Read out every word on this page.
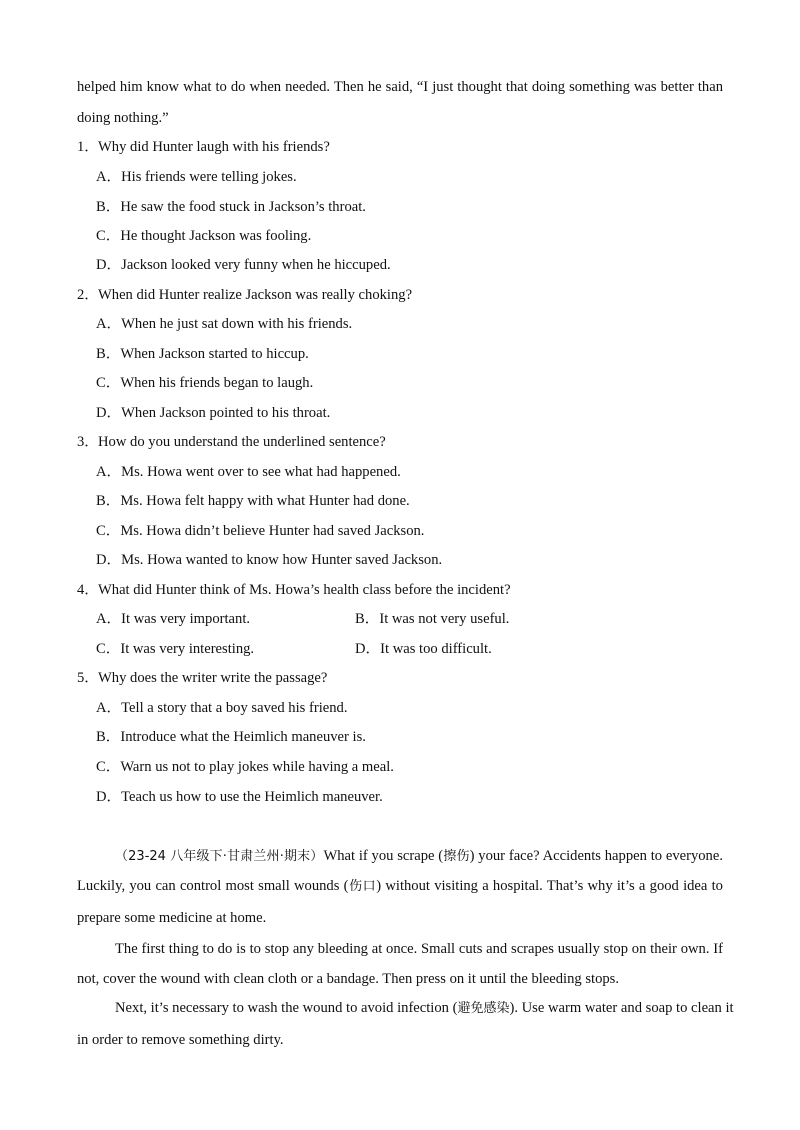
helped him know what to do when needed. Then he said, “I just thought that doing something was better than
doing nothing.”
1．Why did Hunter laugh with his friends?
A．His friends were telling jokes.
B．He saw the food stuck in Jackson’s throat.
C．He thought Jackson was fooling.
D．Jackson looked very funny when he hiccuped.
2．When did Hunter realize Jackson was really choking?
A．When he just sat down with his friends.
B．When Jackson started to hiccup.
C．When his friends began to laugh.
D．When Jackson pointed to his throat.
3．How do you understand the underlined sentence?
A．Ms. Howa went over to see what had happened.
B．Ms. Howa felt happy with what Hunter had done.
C．Ms. Howa didn’t believe Hunter had saved Jackson.
D．Ms. Howa wanted to know how Hunter saved Jackson.
4．What did Hunter think of Ms. Howa’s health class before the incident?
A．It was very important.	B．It was not very useful.
C．It was very interesting.	D．It was too difficult.
5．Why does the writer write the passage?
A．Tell a story that a boy saved his friend.
B．Introduce what the Heimlich maneuver is.
C．Warn us not to play jokes while having a meal.
D．Teach us how to use the Heimlich maneuver.
（23-24 八年级下·甘肃兰州·期末）What if you scrape (擦伤) your face? Accidents happen to everyone.
Luckily, you can control most small wounds (伤口) without visiting a hospital. That’s why it’s a good idea to
prepare some medicine at home.
The first thing to do is to stop any bleeding at once. Small cuts and scrapes usually stop on their own. If
not, cover the wound with clean cloth or a bandage. Then press on it until the bleeding stops.
Next, it’s necessary to wash the wound to avoid infection (避免感染). Use warm water and soap to clean it
in order to remove something dirty.
